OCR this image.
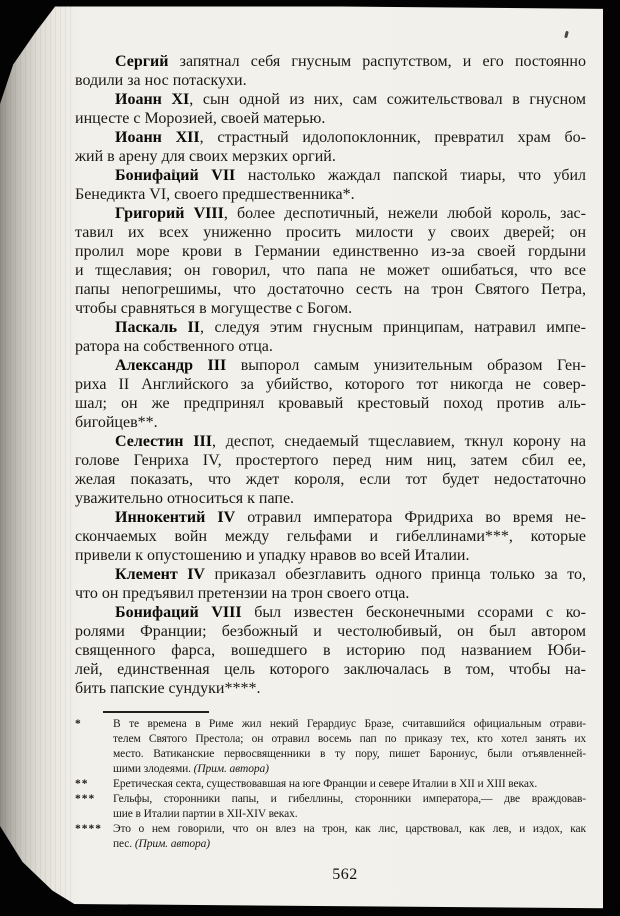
Сергий запятнал себя гнусным распутством, и его постоянно
водили за нос потаскухи.
Иоанн XI, сын одной из них, сам сожительствовал в гнусном
инцесте с Морозией, своей матерью.
Иоанн XII, страстный идолопоклонник, превратил храм бо-
жий в арену для своих мерзких оргий.
Бонифаций VII настолько жаждал папской тиары, что убил
Бенедикта VI, своего предшественника*.
Григорий VIII, более деспотичный, нежели любой король, зас-
тавил их всех униженно просить милости у своих дверей; он
пролил море крови в Германии единственно из-за своей гордыни
и тщеславия; он говорил, что папа не может ошибаться, что все
папы непогрешимы, что достаточно сесть на трон Святого Петра,
чтобы сравняться в могуществе с Богом.
Паскаль II, следуя этим гнусным принципам, натравил импе-
ратора на собственного отца.
Александр III выпорол самым унизительным образом Ген-
риха II Английского за убийство, которого тот никогда не совер-
шал; он же предпринял кровавый крестовый поход против аль-
бигойцев**.
Селестин III, деспот, снедаемый тщеславием, ткнул корону на
голове Генриха IV, простертого перед ним ниц, затем сбил ее,
желая показать, что ждет короля, если тот будет недостаточно
уважительно относиться к папе.
Иннокентий IV отравил императора Фридриха во время не-
скончаемых войн между гельфами и гибеллинами***, которые
привели к опустошению и упадку нравов во всей Италии.
Клемент IV приказал обезглавить одного принца только за то,
что он предъявил претензии на трон своего отца.
Бонифаций VIII был известен бесконечными ссорами с ко-
ролями Франции; безбожный и честолюбивый, он был автором
священного фарса, вошедшего в историю под названием Юби-
лей, единственная цель которого заключалась в том, чтобы на-
бить папские сундуки****.
*	В те времена в Риме жил некий Герардиус Бразе, считавшийся официальным отрави-
телем Святого Престола; он отравил восемь пап по приказу тех, кто хотел занять их
место. Ватиканские первосвященники в ту пору, пишет Барониус, были отъявленней-
шими злодеями. (Прим. автора)
** Еретическая секта, существовавшая на юге Франции и севере Италии в XII и XIII веках.
*** Гельфы, сторонники папы, и гибеллины, сторонники императора,— две враждовав-
шие в Италии партии в XII-XIV веках.
**** Это о нем говорили, что он влез на трон, как лис, царствовал, как лев, и издох, как
пес. (Прим. автора)
562
